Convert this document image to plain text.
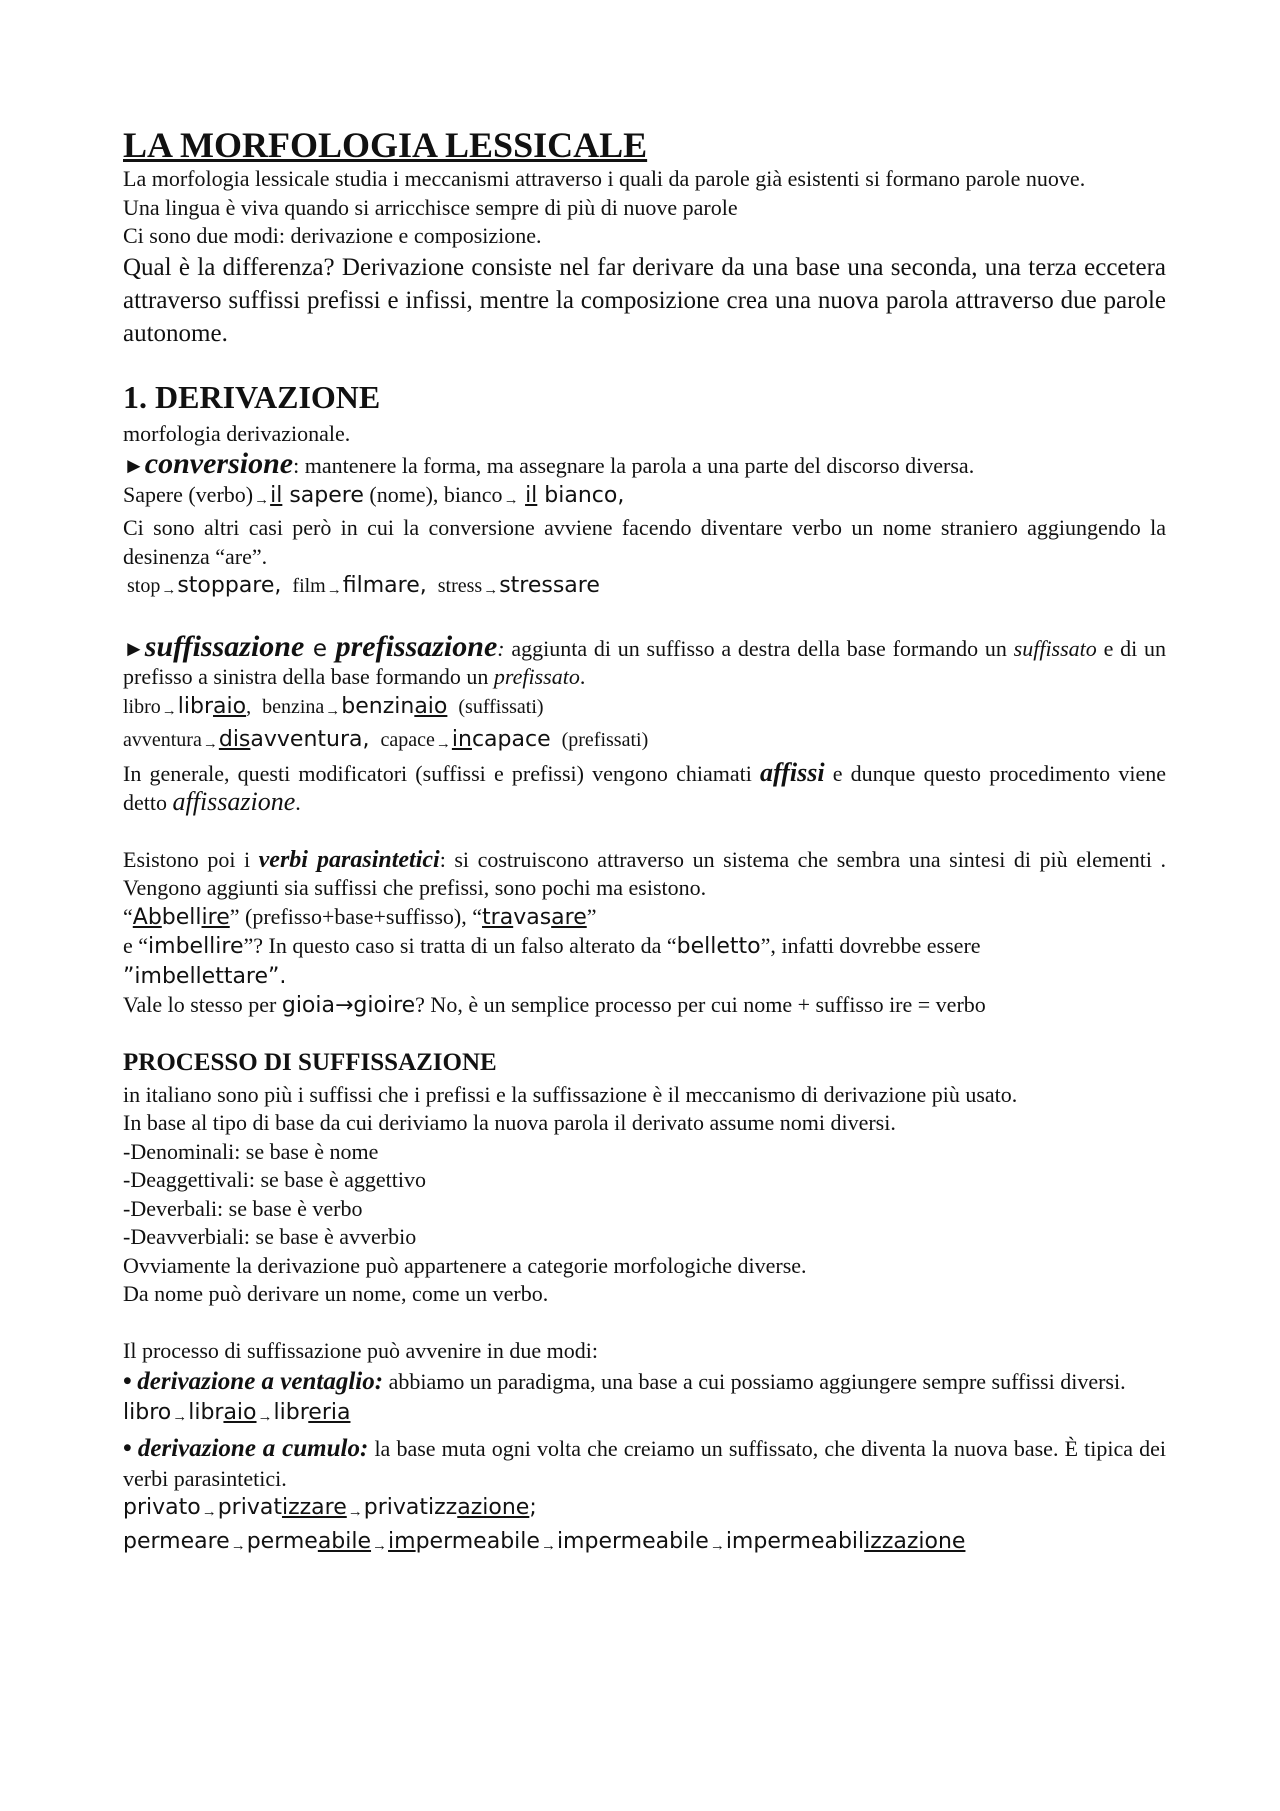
LA MORFOLOGIA LESSICALE

La morfologia lessicale studia i meccanismi attraverso i quali da parole già esistenti si formano parole nuove.

Una lingua è viva quando si arricchisce sempre di più di nuove parole

Ci sono due modi: derivazione e composizione.

Qual è la differenza? Derivazione consiste nel far derivare da una base una seconda, una terza eccetera attraverso suffissi prefissi e infissi, mentre la composizione crea una nuova parola attraverso due parole autonome.

1. DERIVAZIONE

morfologia derivazionale.

►conversione: mantenere la forma, ma assegnare la parola a una parte del discorso diversa.

Sapere (verbo)→il sapere (nome), bianco→ il bianco,

Ci sono altri casi però in cui la conversione avviene facendo diventare verbo un nome straniero aggiungendo la desinenza “are”.

stop→stoppare, film→filmare, stress→stressare

►suffissazione e prefissazione: aggiunta di un suffisso a destra della base formando un suffissato e di un prefisso a sinistra della base formando un prefissato.

libro→libraio, benzina→benzinaio (suffissati)

avventura→disavventura, capace→incapace (prefissati)

In generale, questi modificatori (suffissi e prefissi) vengono chiamati affissi e dunque questo procedimento viene detto affissazione.

Esistono poi i verbi parasintetici: si costruiscono attraverso un sistema che sembra una sintesi di più elementi . Vengono aggiunti sia suffissi che prefissi, sono pochi ma esistono.

“Abbellire” (prefisso+base+suffisso), “travasare”

e “imbellire”? In questo caso si tratta di un falso alterato da “belletto”, infatti dovrebbe essere
”imbellettare”.

Vale lo stesso per gioia→gioire? No, è un semplice processo per cui nome + suffisso ire = verbo

PROCESSO DI SUFFISSAZIONE

in italiano sono più i suffissi che i prefissi e la suffissazione è il meccanismo di derivazione più usato.

In base al tipo di base da cui deriviamo la nuova parola il derivato assume nomi diversi.

-Denominali: se base è nome

-Deaggettivali: se base è aggettivo

-Deverbali: se base è verbo

-Deavverbiali: se base è avverbio

Ovviamente la derivazione può appartenere a categorie morfologiche diverse.

Da nome può derivare un nome, come un verbo.

Il processo di suffissazione può avvenire in due modi:

• derivazione a ventaglio: abbiamo un paradigma, una base a cui possiamo aggiungere sempre suffissi diversi.

libro→libraio→libreria

• derivazione a cumulo: la base muta ogni volta che creiamo un suffissato, che diventa la nuova base. È tipica dei verbi parasintetici.

privato→privatizzare→privatizzazione;

permeare→permeabile→impermeabile→impermeabile→impermeabilizzazione
